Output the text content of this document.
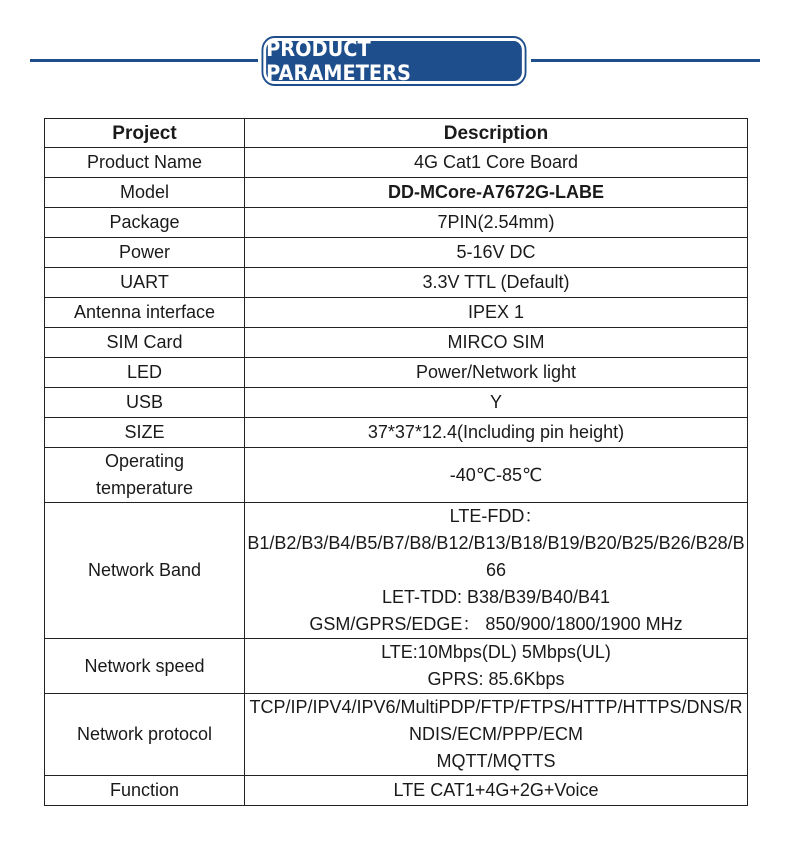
PRODUCT PARAMETERS
Project	Description
Product Name	4G Cat1 Core Board

Model	DD-MCore-A7672G-LABE

Package	7PIN(2.54mm)

Power	5-16V DC

UART	3.3V TTL (Default)

Antenna interface	IPEX 1

SIM Card	MIRCO SIM

LED	Power/Network light

USB	Y

SIZE	37*37*12.4(Including pin height)

Operating temperature	-40℃-85℃

Network Band	LTE-FDD：
B1/B2/B3/B4/B5/B7/B8/B12/B13/B18/B19/B20/B25/B26/B28/B66
LET-TDD: B38/B39/B40/B41
GSM/GPRS/EDGE： 850/900/1800/1900 MHz

Network speed	LTE:10Mbps(DL) 5Mbps(UL)
GPRS: 85.6Kbps

Network protocol	TCP/IP/IPV4/IPV6/MultiPDP/FTP/FTPS/HTTP/HTTPS/DNS/RNDIS/ECM/PPP/ECM
MQTT/MQTTS

Function	LTE CAT1+4G+2G+Voice
